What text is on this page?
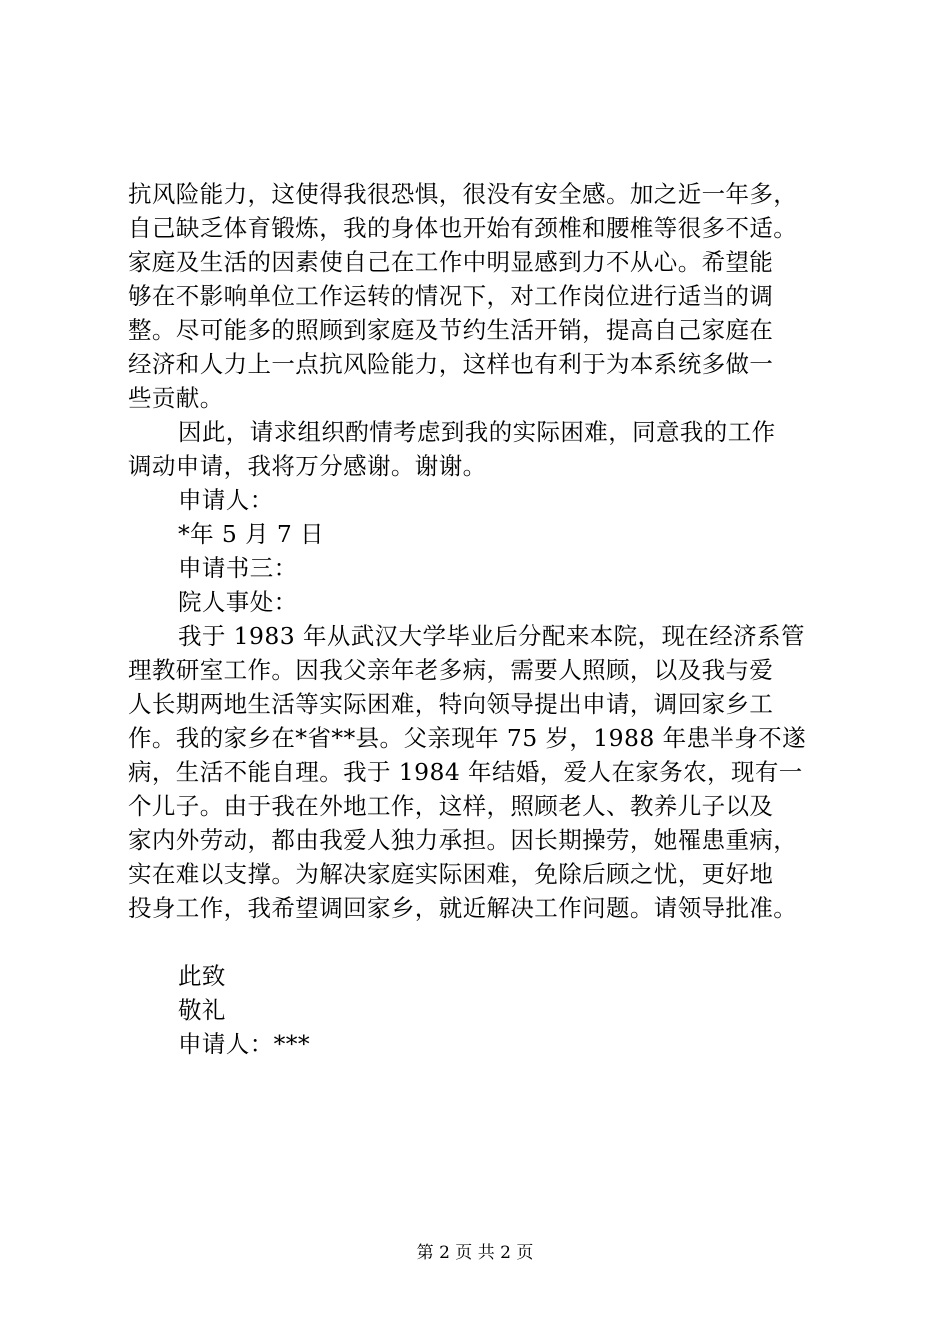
抗风险能力，这使得我很恐惧，很没有安全感。加之近一年多，
自己缺乏体育锻炼，我的身体也开始有颈椎和腰椎等很多不适。
家庭及生活的因素使自己在工作中明显感到力不从心。希望能
够在不影响单位工作运转的情况下，对工作岗位进行适当的调
整。尽可能多的照顾到家庭及节约生活开销，提高自己家庭在
经济和人力上一点抗风险能力，这样也有利于为本系统多做一
些贡献。
因此，请求组织酌情考虑到我的实际困难，同意我的工作
调动申请，我将万分感谢。谢谢。
申请人：
*年 5 月 7 日
申请书三：
院人事处：
我于 1983 年从武汉大学毕业后分配来本院，现在经济系管
理教研室工作。因我父亲年老多病，需要人照顾，以及我与爱
人长期两地生活等实际困难，特向领导提出申请，调回家乡工
作。我的家乡在*省**县。父亲现年 75 岁，1988 年患半身不遂
病，生活不能自理。我于 1984 年结婚，爱人在家务农，现有一
个儿子。由于我在外地工作，这样，照顾老人、教养儿子以及
家内外劳动，都由我爱人独力承担。因长期操劳，她罹患重病，
实在难以支撑。为解决家庭实际困难，免除后顾之忧，更好地
投身工作，我希望调回家乡，就近解决工作问题。请领导批准。
此致
敬礼
申请人：***
第 2 页 共 2 页
